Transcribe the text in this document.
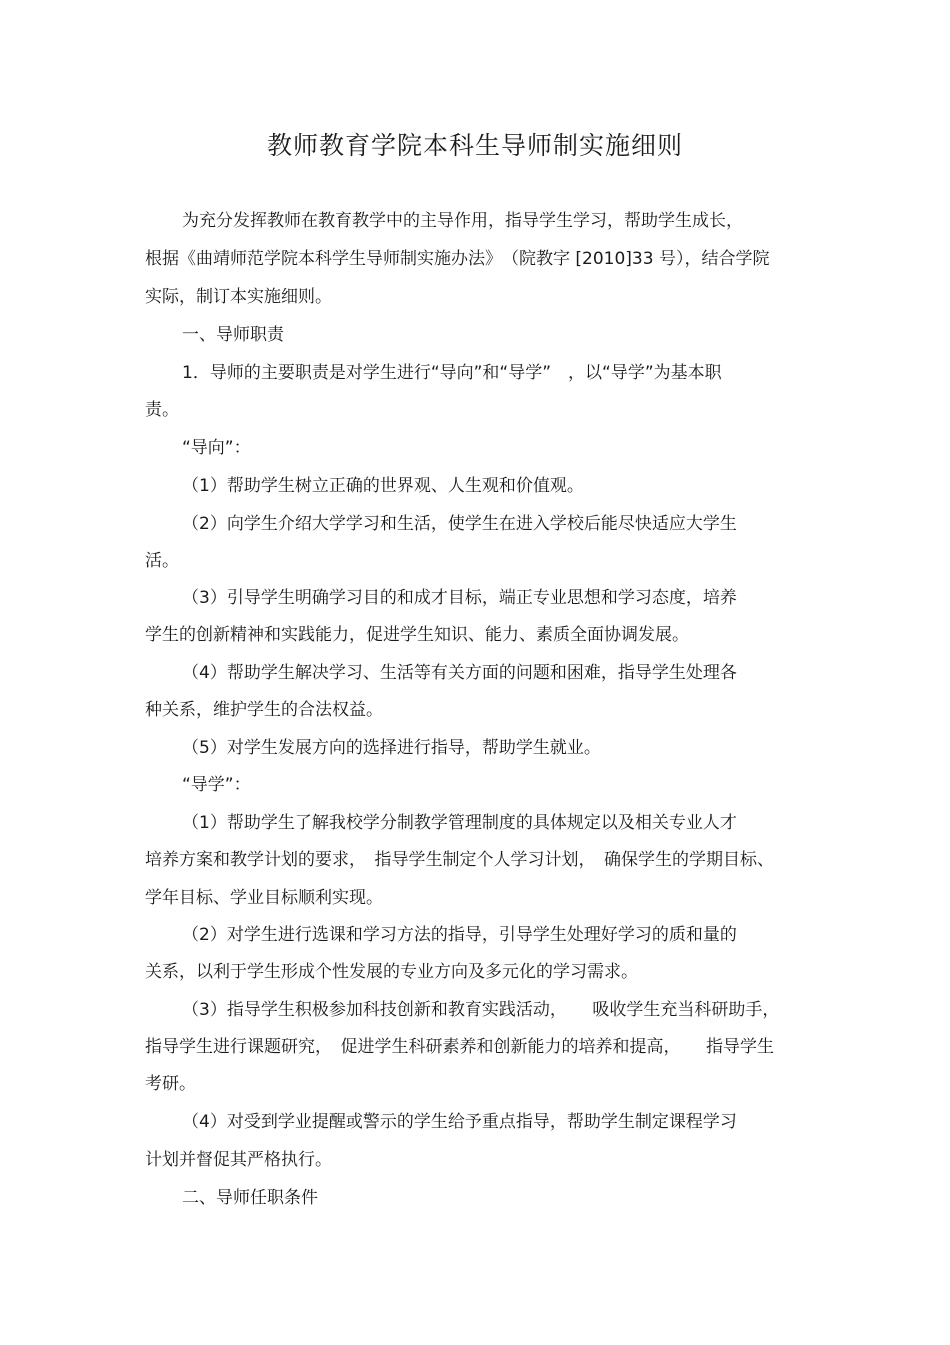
教师教育学院本科生导师制实施细则

为充分发挥教师在教育教学中的主导作用，指导学生学习，帮助学生成长，

根据《曲靖师范学院本科学生导师制实施办法》　（院教字 [2010]33 号），结合学院

实际，制订本实施细则。

一、导师职责

1．导师的主要职责是对学生进行“导向”和“导学”　，以“导学”为基本职

责。

“导向”：

（1）帮助学生树立正确的世界观、人生观和价值观。

（2）向学生介绍大学学习和生活，使学生在进入学校后能尽快适应大学生

活。

（3）引导学生明确学习目的和成才目标，端正专业思想和学习态度，培养

学生的创新精神和实践能力，促进学生知识、能力、素质全面协调发展。

（4）帮助学生解决学习、生活等有关方面的问题和困难，指导学生处理各

种关系，维护学生的合法权益。

（5）对学生发展方向的选择进行指导，帮助学生就业。

“导学”：

（1）帮助学生了解我校学分制教学管理制度的具体规定以及相关专业人才

培养方案和教学计划的要求，　指导学生制定个人学习计划，　确保学生的学期目标、

学年目标、学业目标顺利实现。

（2）对学生进行选课和学习方法的指导，引导学生处理好学习的质和量的

关系，以利于学生形成个性发展的专业方向及多元化的学习需求。

（3）指导学生积极参加科技创新和教育实践活动，　　吸收学生充当科研助手，

指导学生进行课题研究，　促进学生科研素养和创新能力的培养和提高，　　指导学生

考研。

（4）对受到学业提醒或警示的学生给予重点指导，帮助学生制定课程学习

计划并督促其严格执行。

二、导师任职条件
